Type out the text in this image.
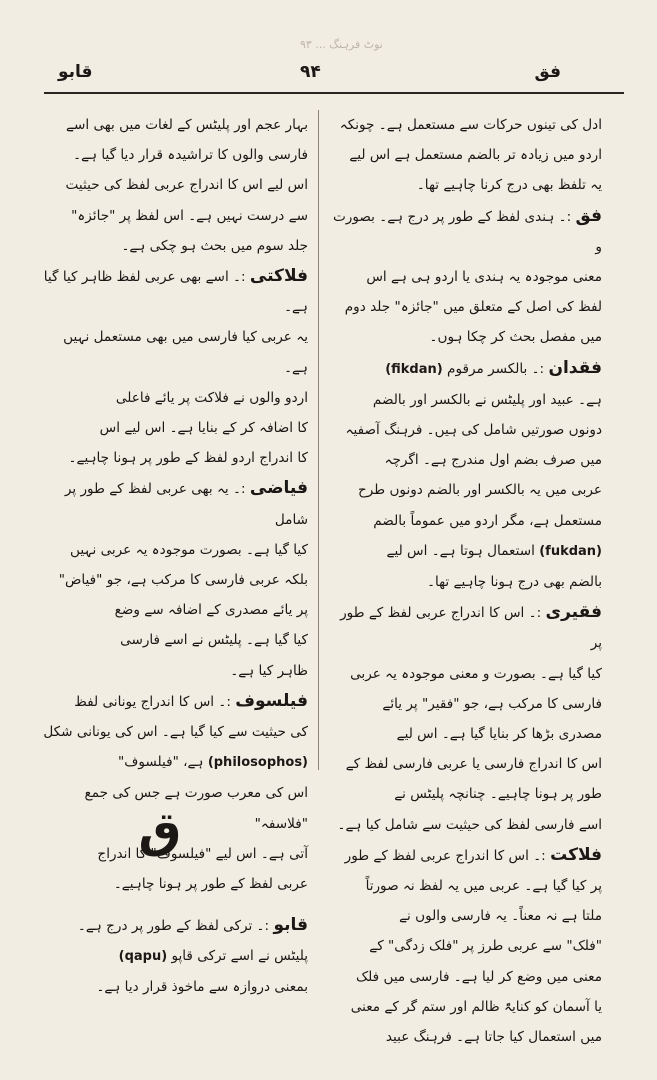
نوٹ فرہنگ ... ۹۳
قابو	۹۴	فق

ادل کی تینوں حرکات سے مستعمل ہے۔ چونکہ

اردو میں زیادہ تر بالضم مستعمل ہے اس لیے

یہ تلفظ بھی درج کرنا چاہیے تھا۔

فق :۔ ہندی لفظ کے طور پر درج ہے۔ بصورت و

معنی موجودہ یہ ہندی یا اردو ہی ہے اس

لفظ کی اصل کے متعلق میں "جائزہ" جلد دوم

میں مفصل بحث کر چکا ہوں۔

فقدان :۔ بالکسر مرقوم (fikdan)

ہے۔ عبید اور پلیٹس نے بالکسر اور بالضم

دونوں صورتیں شامل کی ہیں۔ فرہنگ آصفیہ

میں صرف بضم اول مندرج ہے۔ اگرچہ

عربی میں یہ بالکسر اور بالضم دونوں طرح

مستعمل ہے، مگر اردو میں عموماً بالضم

(fukdan) استعمال ہوتا ہے۔ اس لیے

بالضم بھی درج ہونا چاہیے تھا۔

فقیری :۔ اس کا اندراج عربی لفظ کے طور پر

کیا گیا ہے۔ بصورت و معنی موجودہ یہ عربی

فارسی کا مرکب ہے، جو "فقیر" پر یائے

مصدری بڑھا کر بنایا گیا ہے۔ اس لیے

اس کا اندراج فارسی یا عربی فارسی لفظ کے

طور پر ہونا چاہیے۔ چنانچہ پلیٹس نے

اسے فارسی لفظ کی حیثیت سے شامل کیا ہے۔

فلاکت :۔ اس کا اندراج عربی لفظ کے طور

پر کیا گیا ہے۔ عربی میں یہ لفظ نہ صورتاً

ملتا ہے نہ معناً۔ یہ فارسی والوں نے

"فلک" سے عربی طرز پر "فلک زدگی" کے

معنی میں وضع کر لیا ہے۔ فارسی میں فلک

یا آسمان کو کنایۃً ظالم اور ستم گر کے معنی

میں استعمال کیا جاتا ہے۔ فرہنگ عبید

بہار عجم اور پلیٹس کے لغات میں بھی اسے

فارسی والوں کا تراشیدہ قرار دیا گیا ہے۔

اس لیے اس کا اندراج عربی لفظ کی حیثیت

سے درست نہیں ہے۔ اس لفظ پر "جائزہ"

جلد سوم میں بحث ہو چکی ہے۔

فلاکتی :۔ اسے بھی عربی لفظ ظاہر کیا گیا ہے۔

یہ عربی کیا فارسی میں بھی مستعمل نہیں ہے۔

اردو والوں نے فلاکت پر یائے فاعلی

کا اضافہ کر کے بنایا ہے۔ اس لیے اس

کا اندراج اردو لفظ کے طور پر ہونا چاہیے۔

فیاضی :۔ یہ بھی عربی لفظ کے طور پر شامل

کیا گیا ہے۔ بصورت موجودہ یہ عربی نہیں

بلکہ عربی فارسی کا مرکب ہے، جو "فیاض"

پر یائے مصدری کے اضافہ سے وضع

کیا گیا ہے۔ پلیٹس نے اسے فارسی

ظاہر کیا ہے۔

فیلسوف :۔ اس کا اندراج یونانی لفظ

کی حیثیت سے کیا گیا ہے۔ اس کی یونانی شکل

(philosophos) ہے، "فیلسوف"

اس کی معرب صورت ہے جس کی جمع "فلاسفہ"

آتی ہے۔ اس لیے "فیلسوف" کا اندراج

عربی لفظ کے طور پر ہونا چاہیے۔

ق

قابو :۔ ترکی لفظ کے طور پر درج ہے۔

پلیٹس نے اسے ترکی قاپو (qapu)

بمعنی دروازہ سے ماخوذ قرار دیا ہے۔
